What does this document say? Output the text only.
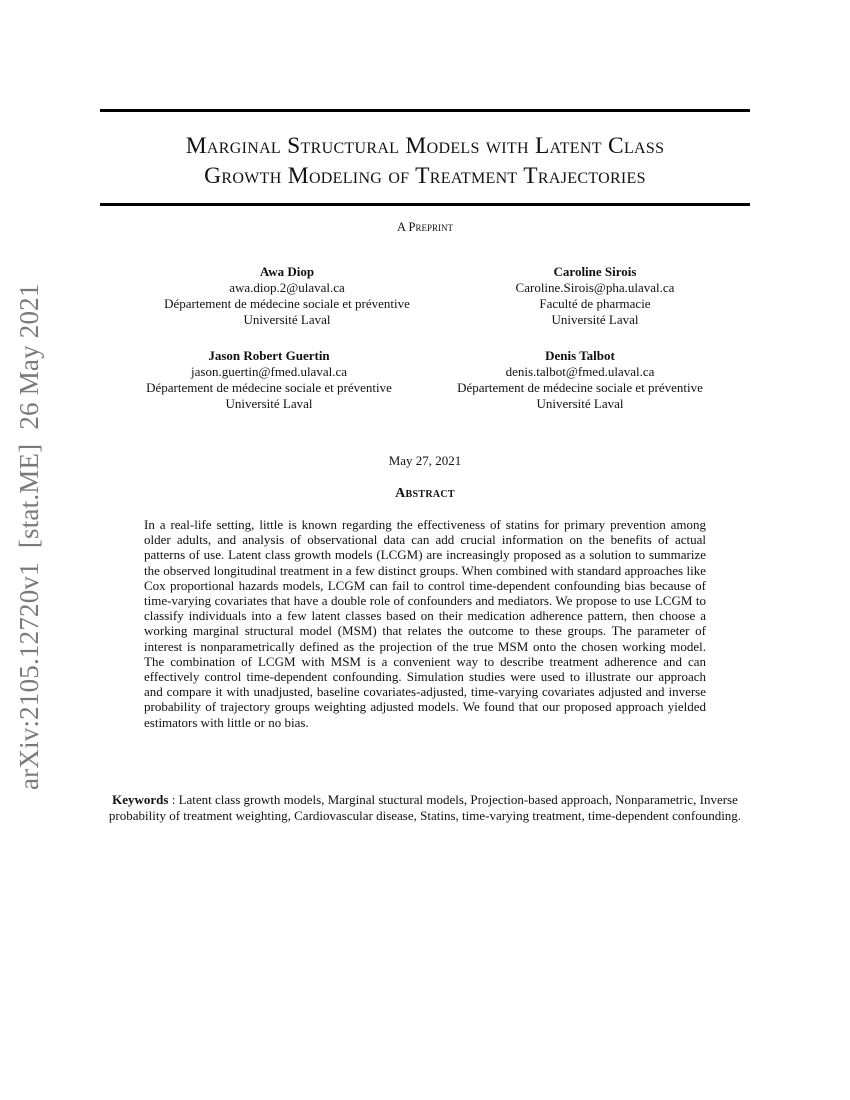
arXiv:2105.12720v1[stat.ME]26 May 2021
Marginal Structural Models with Latent Class
Growth Modeling of Treatment Trajectories
A Preprint
Awa Diop
awa.diop.2@ulaval.ca
Département de médecine sociale et préventive
Université Laval
Caroline Sirois
Caroline.Sirois@pha.ulaval.ca
Faculté de pharmacie
Université Laval
Jason Robert Guertin
jason.guertin@fmed.ulaval.ca
Département de médecine sociale et préventive
Université Laval
Denis Talbot
denis.talbot@fmed.ulaval.ca
Département de médecine sociale et préventive
Université Laval
May 27, 2021
Abstract
In a real-life setting, little is known regarding the effectiveness of statins for primary prevention among older adults, and analysis of observational data can add crucial information on the benefits of actual patterns of use. Latent class growth models (LCGM) are increasingly proposed as a solution to summarize the observed longitudinal treatment in a few distinct groups. When combined with standard approaches like Cox proportional hazards models, LCGM can fail to control time-dependent confounding bias because of time-varying covariates that have a double role of confounders and mediators. We propose to use LCGM to classify individuals into a few latent classes based on their medication adherence pattern, then choose a working marginal structural model (MSM) that relates the outcome to these groups. The parameter of interest is nonparametrically defined as the projection of the true MSM onto the chosen working model. The combination of LCGM with MSM is a convenient way to describe treatment adherence and can effectively control time-dependent confounding. Simulation studies were used to illustrate our approach and compare it with unadjusted, baseline covariates-adjusted, time-varying covariates adjusted and inverse probability of trajectory groups weighting adjusted models. We found that our proposed approach yielded estimators with little or no bias.
Keywords : Latent class growth models, Marginal stuctural models, Projection-based approach, Nonparametric, Inverse probability of treatment weighting, Cardiovascular disease, Statins, time-varying treatment, time-dependent confounding.
